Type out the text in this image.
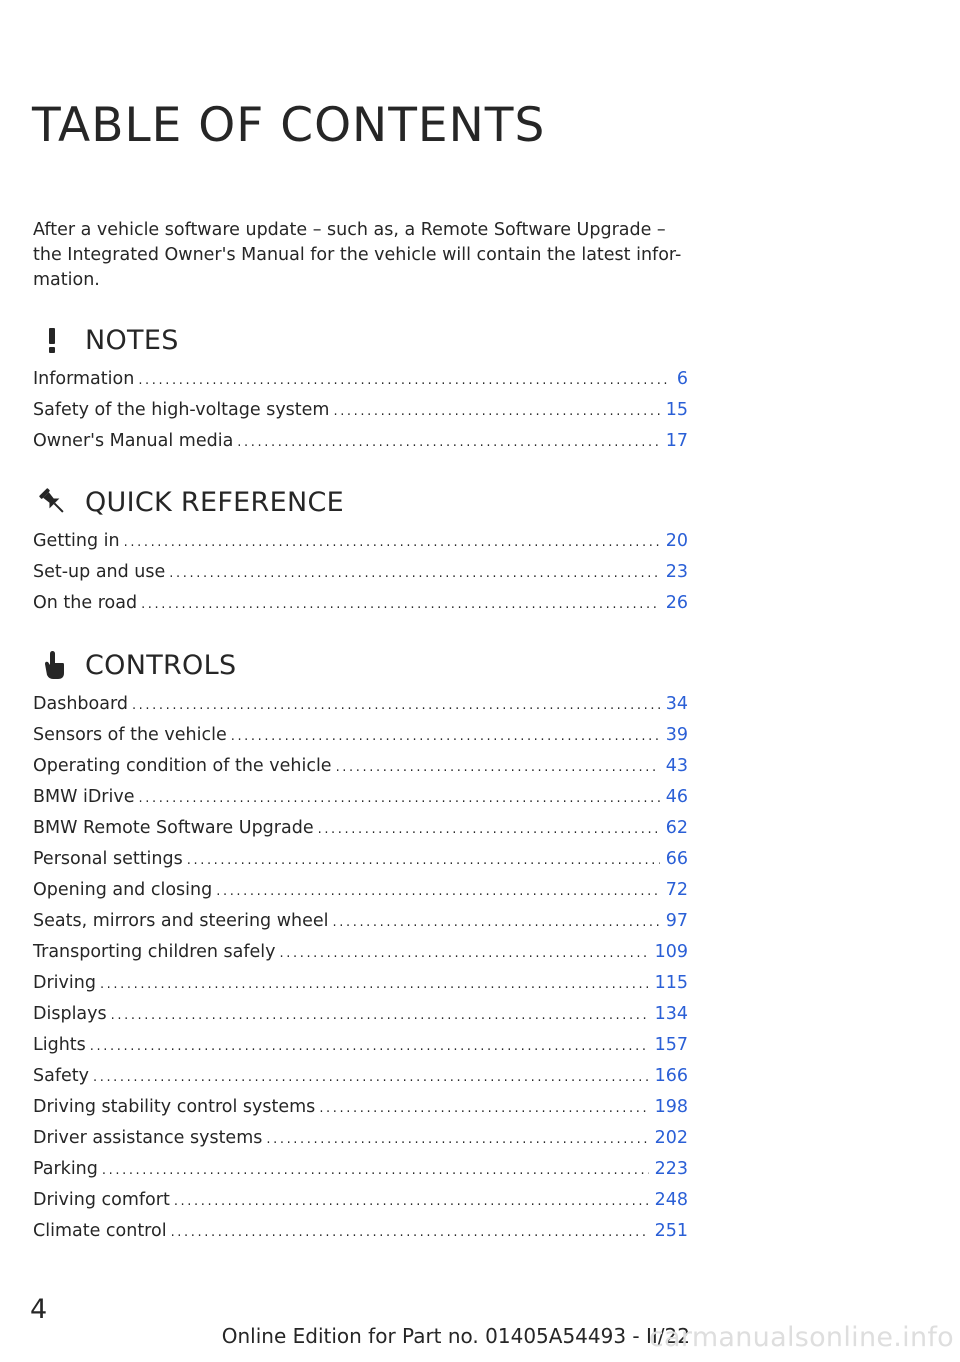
TABLE OF CONTENTS

After a vehicle software update – such as, a Remote Software Upgrade – the Integrated Owner's Manual for the vehicle will contain the latest infor-mation.

NOTES
Information .....	6
Safety of the high-voltage system .....	15
Owner's Manual media .....	17
QUICK REFERENCE
Getting in .....	20
Set-up and use .....	23
On the road .....	26
CONTROLS
Dashboard .....	34
Sensors of the vehicle .....	39
Operating condition of the vehicle .....	43
BMW iDrive .....	46
BMW Remote Software Upgrade .....	62
Personal settings .....	66
Opening and closing .....	72
Seats, mirrors and steering wheel .....	97
Transporting children safely .....	109
Driving .....	115
Displays .....	134
Lights .....	157
Safety .....	166
Driving stability control systems .....	198
Driver assistance systems .....	202
Parking .....	223
Driving comfort .....	248
Climate control .....	251
4
Online Edition for Part no. 01405A54493 - II/22
carmanualsonline.info
